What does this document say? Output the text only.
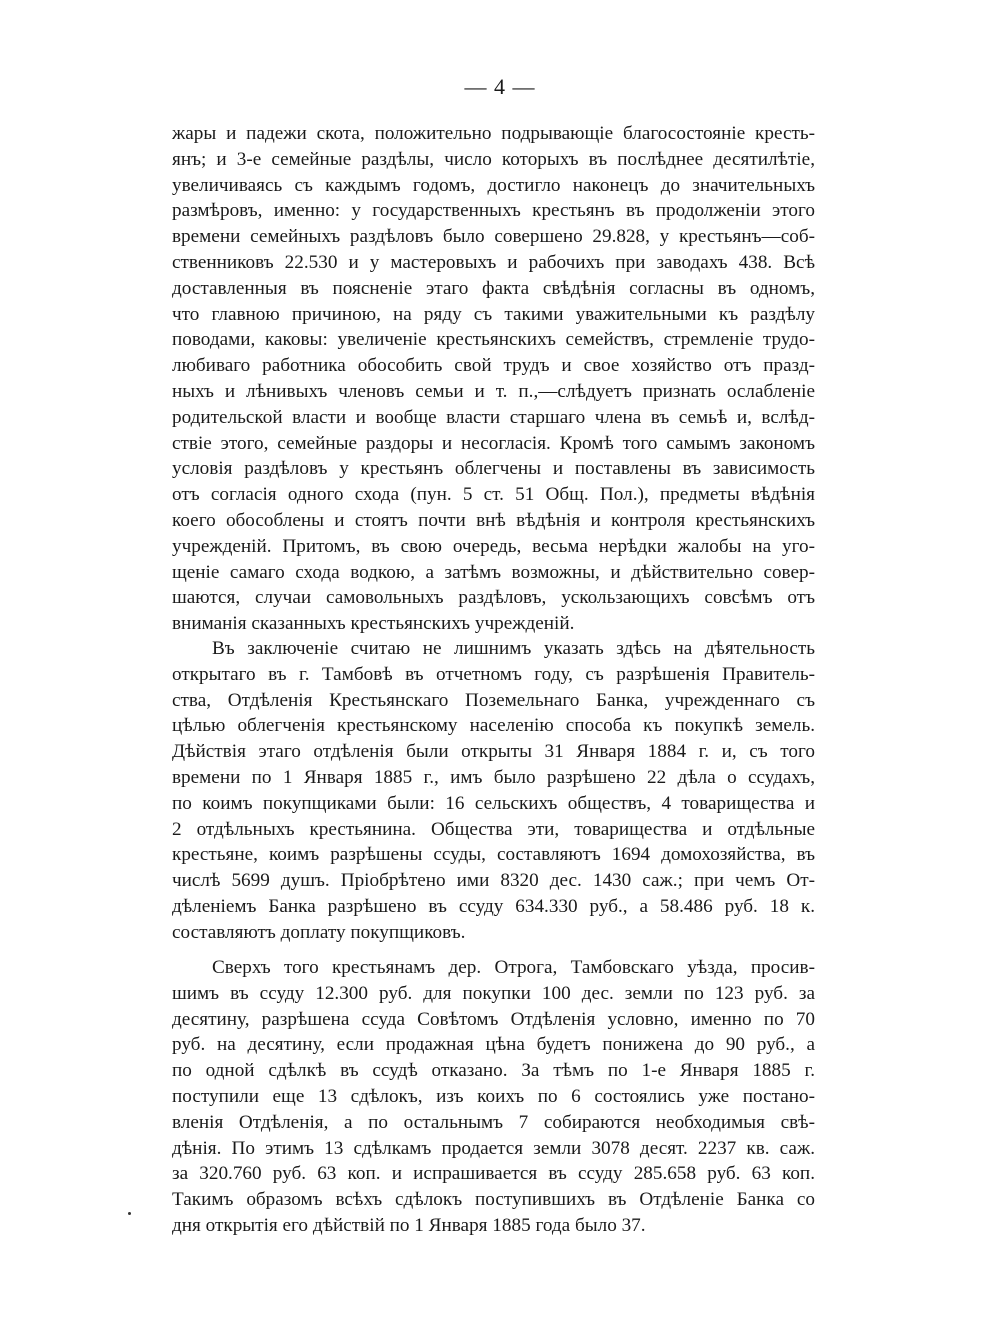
— 4 —
жары и падежи скота, положительно подрывающіе благосостояніе кресть-
янъ; и 3-е семейные раздѣлы, число которыхъ въ послѣднее десятилѣтіе,
увеличиваясь съ каждымъ годомъ, достигло наконецъ до значительныхъ
размѣровъ, именно: у государственныхъ крестьянъ въ продолженіи этого
времени семейныхъ раздѣловъ было совершено 29.828, у крестьянъ—соб-
ственниковъ 22.530 и у мастеровыхъ и рабочихъ при заводахъ 438. Всѣ
доставленныя въ поясненіе этаго факта свѣдѣнія согласны въ одномъ,
что главною причиною, на ряду съ такими уважительными къ раздѣлу
поводами, каковы: увеличеніе крестьянскихъ семействъ, стремленіе трудо-
любиваго работника обособить свой трудъ и свое хозяйство отъ празд-
ныхъ и лѣнивыхъ членовъ семьи и т. п.,—слѣдуетъ признать ослабленіе
родительской власти и вообще власти старшаго члена въ семьѣ и, вслѣд-
ствіе этого, семейные раздоры и несогласія. Кромѣ того самымъ закономъ
условія раздѣловъ у крестьянъ облегчены и поставлены въ зависимость
отъ согласія одного схода (пун. 5 ст. 51 Общ. Пол.), предметы вѣдѣнія
коего обособлены и стоятъ почти внѣ вѣдѣнія и контроля крестьянскихъ
учрежденій. Притомъ, въ свою очередь, весьма нерѣдки жалобы на уго-
щеніе самаго схода водкою, а затѣмъ возможны, и дѣйствительно совер-
шаются, случаи самовольныхъ раздѣловъ, ускользающихъ совсѣмъ отъ
вниманія сказанныхъ крестьянскихъ учрежденій.
Въ заключеніе считаю не лишнимъ указать здѣсь на дѣятельность
открытаго въ г. Тамбовѣ въ отчетномъ году, съ разрѣшенія Правитель-
ства, Отдѣленія Крестьянскаго Поземельнаго Банка, учрежденнаго съ
цѣлью облегченія крестьянскому населенію способа къ покупкѣ земель.
Дѣйствія этаго отдѣленія были открыты 31 Января 1884 г. и, съ того
времени по 1 Января 1885 г., имъ было разрѣшено 22 дѣла о ссудахъ,
по коимъ покупщиками были: 16 сельскихъ обществъ, 4 товарищества и
2 отдѣльныхъ крестьянина. Общества эти, товарищества и отдѣльные
крестьяне, коимъ разрѣшены ссуды, составляютъ 1694 домохозяйства, въ
числѣ 5699 душъ. Пріобрѣтено ими 8320 дес. 1430 саж.; при чемъ От-
дѣленіемъ Банка разрѣшено въ ссуду 634.330 руб., а 58.486 руб. 18 к.
составляютъ доплату покупщиковъ.
Сверхъ того крестьянамъ дер. Отрога, Тамбовскаго уѣзда, просив-
шимъ въ ссуду 12.300 руб. для покупки 100 дес. земли по 123 руб. за
десятину, разрѣшена ссуда Совѣтомъ Отдѣленія условно, именно по 70
руб. на десятину, если продажная цѣна будетъ понижена до 90 руб., а
по одной сдѣлкѣ въ ссудѣ отказано. За тѣмъ по 1-е Января 1885 г.
поступили еще 13 сдѣлокъ, изъ коихъ по 6 состоялись уже постано-
вленія Отдѣленія, а по остальнымъ 7 собираются необходимыя свѣ-
дѣнія. По этимъ 13 сдѣлкамъ продается земли 3078 десят. 2237 кв. саж.
за 320.760 руб. 63 коп. и испрашивается въ ссуду 285.658 руб. 63 коп.
Такимъ образомъ всѣхъ сдѣлокъ поступившихъ въ Отдѣленіе Банка со
дня открытія его дѣйствій по 1 Января 1885 года было 37.
